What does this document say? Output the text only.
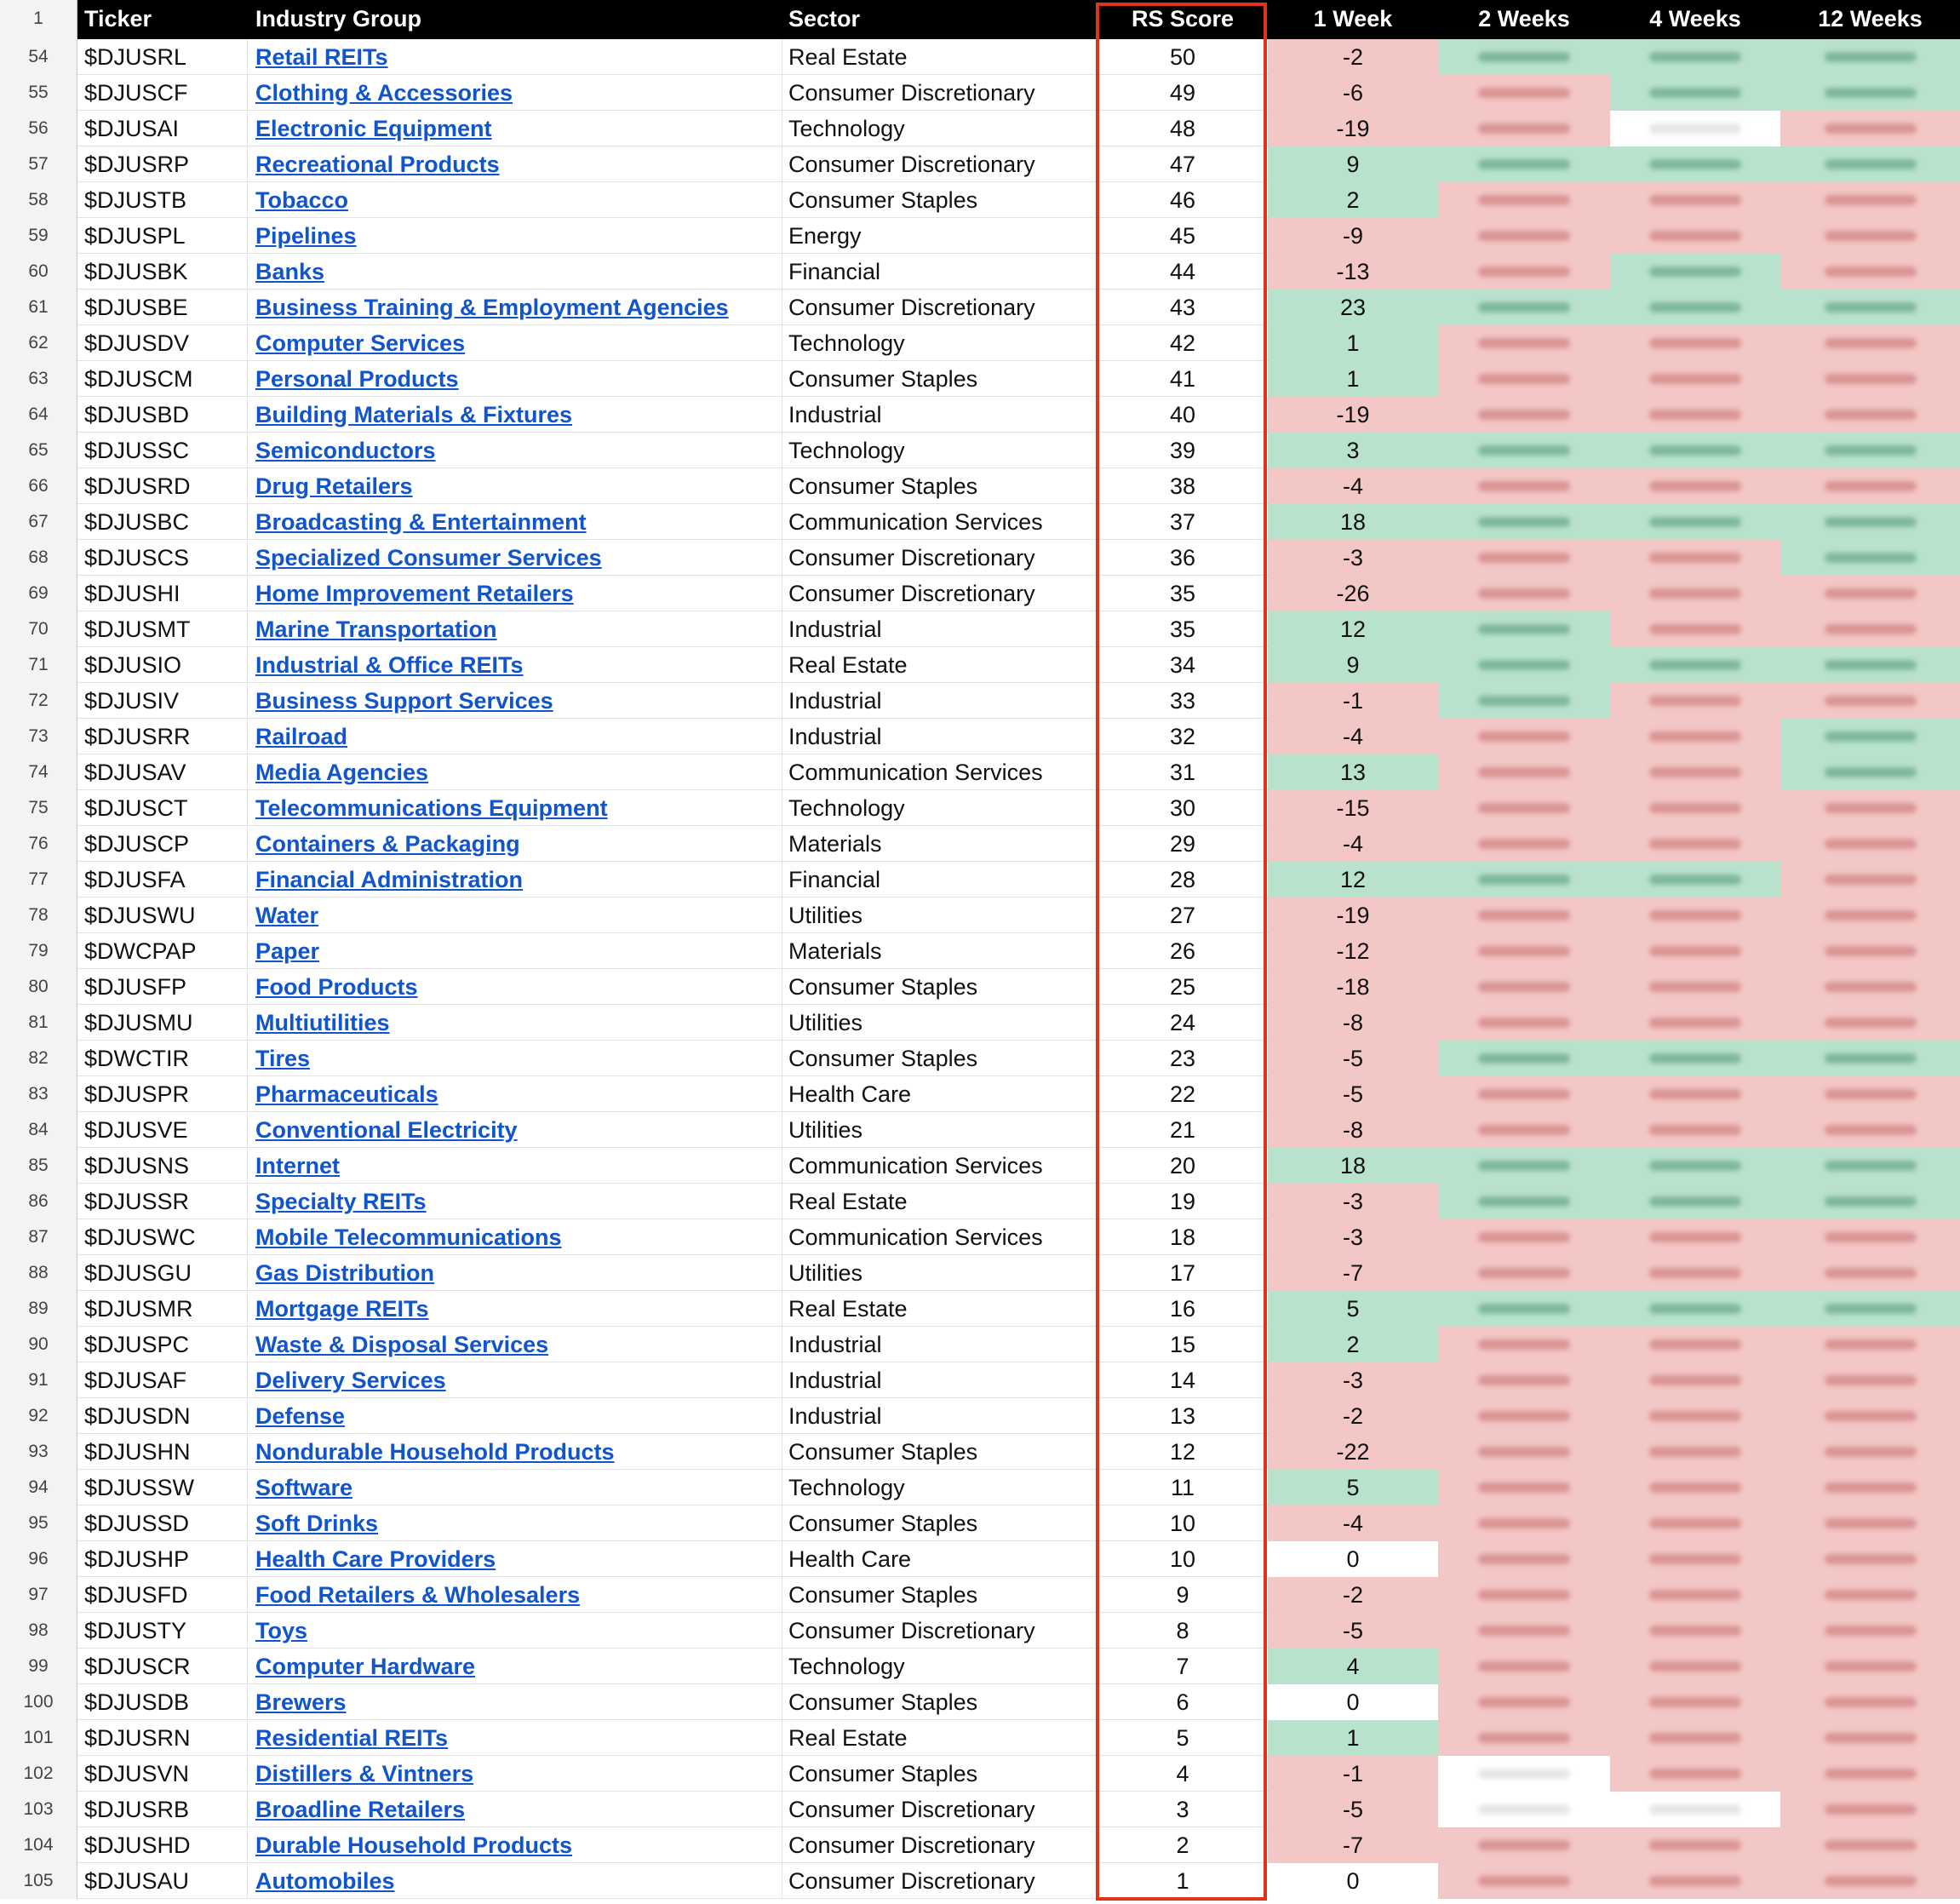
1	Ticker	Industry Group	Sector	RS Score	1 Week	2 Weeks	4 Weeks	12 Weeks
54	$DJUSRL	Retail REITs	Real Estate	50	-2
55	$DJUSCF	Clothing & Accessories	Consumer Discretionary	49	-6
56	$DJUSAI	Electronic Equipment	Technology	48	-19
57	$DJUSRP	Recreational Products	Consumer Discretionary	47	9
58	$DJUSTB	Tobacco	Consumer Staples	46	2
59	$DJUSPL	Pipelines	Energy	45	-9
60	$DJUSBK	Banks	Financial	44	-13
61	$DJUSBE	Business Training & Employment Agencies	Consumer Discretionary	43	23
62	$DJUSDV	Computer Services	Technology	42	1
63	$DJUSCM	Personal Products	Consumer Staples	41	1
64	$DJUSBD	Building Materials & Fixtures	Industrial	40	-19
65	$DJUSSC	Semiconductors	Technology	39	3
66	$DJUSRD	Drug Retailers	Consumer Staples	38	-4
67	$DJUSBC	Broadcasting & Entertainment	Communication Services	37	18
68	$DJUSCS	Specialized Consumer Services	Consumer Discretionary	36	-3
69	$DJUSHI	Home Improvement Retailers	Consumer Discretionary	35	-26
70	$DJUSMT	Marine Transportation	Industrial	35	12
71	$DJUSIO	Industrial & Office REITs	Real Estate	34	9
72	$DJUSIV	Business Support Services	Industrial	33	-1
73	$DJUSRR	Railroad	Industrial	32	-4
74	$DJUSAV	Media Agencies	Communication Services	31	13
75	$DJUSCT	Telecommunications Equipment	Technology	30	-15
76	$DJUSCP	Containers & Packaging	Materials	29	-4
77	$DJUSFA	Financial Administration	Financial	28	12
78	$DJUSWU	Water	Utilities	27	-19
79	$DWCPAP	Paper	Materials	26	-12
80	$DJUSFP	Food Products	Consumer Staples	25	-18
81	$DJUSMU	Multiutilities	Utilities	24	-8
82	$DWCTIR	Tires	Consumer Staples	23	-5
83	$DJUSPR	Pharmaceuticals	Health Care	22	-5
84	$DJUSVE	Conventional Electricity	Utilities	21	-8
85	$DJUSNS	Internet	Communication Services	20	18
86	$DJUSSR	Specialty REITs	Real Estate	19	-3
87	$DJUSWC	Mobile Telecommunications	Communication Services	18	-3
88	$DJUSGU	Gas Distribution	Utilities	17	-7
89	$DJUSMR	Mortgage REITs	Real Estate	16	5
90	$DJUSPC	Waste & Disposal Services	Industrial	15	2
91	$DJUSAF	Delivery Services	Industrial	14	-3
92	$DJUSDN	Defense	Industrial	13	-2
93	$DJUSHN	Nondurable Household Products	Consumer Staples	12	-22
94	$DJUSSW	Software	Technology	11	5
95	$DJUSSD	Soft Drinks	Consumer Staples	10	-4
96	$DJUSHP	Health Care Providers	Health Care	10	0
97	$DJUSFD	Food Retailers & Wholesalers	Consumer Staples	9	-2
98	$DJUSTY	Toys	Consumer Discretionary	8	-5
99	$DJUSCR	Computer Hardware	Technology	7	4
100	$DJUSDB	Brewers	Consumer Staples	6	0
101	$DJUSRN	Residential REITs	Real Estate	5	1
102	$DJUSVN	Distillers & Vintners	Consumer Staples	4	-1
103	$DJUSRB	Broadline Retailers	Consumer Discretionary	3	-5
104	$DJUSHD	Durable Household Products	Consumer Discretionary	2	-7
105	$DJUSAU	Automobiles	Consumer Discretionary	1	0
